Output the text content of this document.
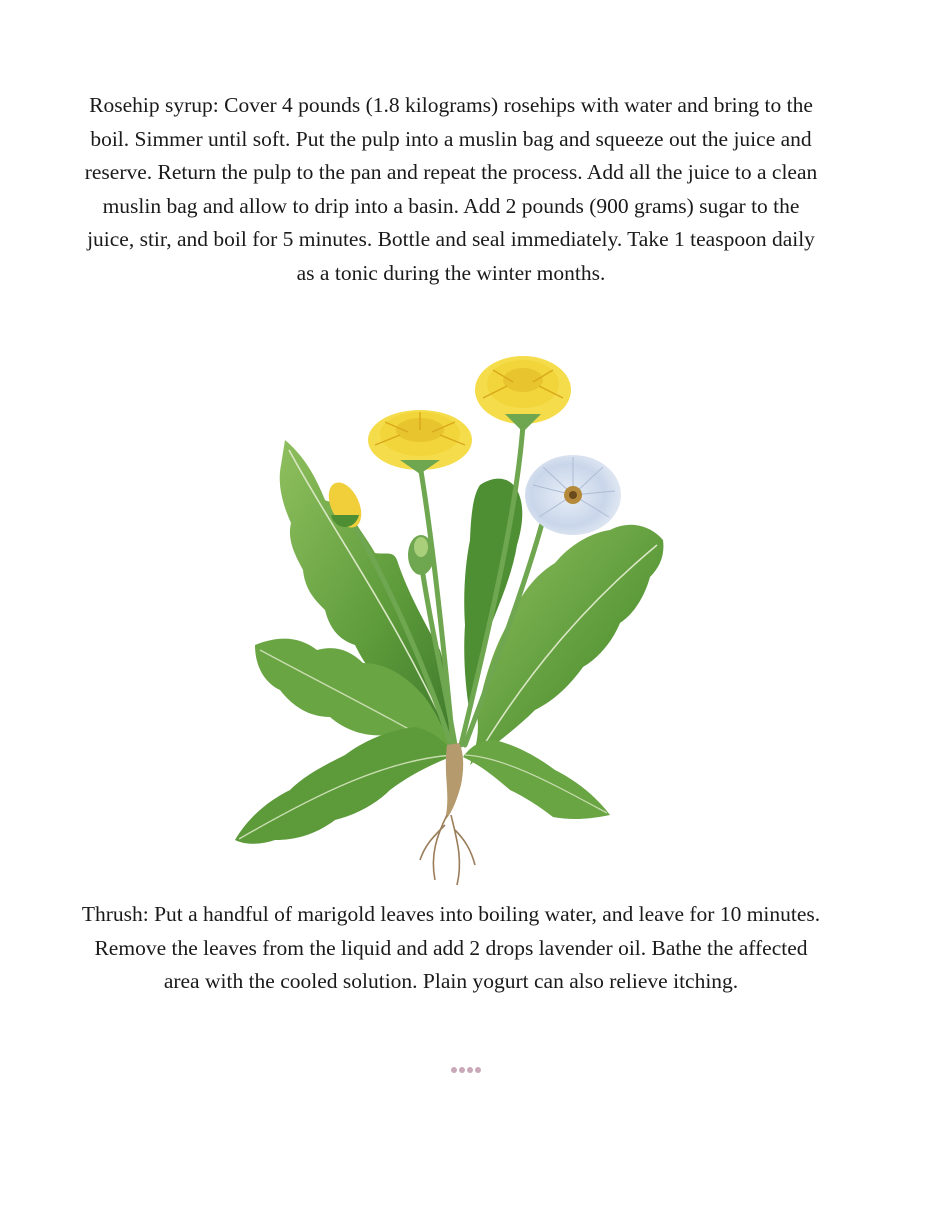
Rosehip syrup: Cover 4 pounds (1.8 kilograms) rosehips with water and bring to the boil. Simmer until soft. Put the pulp into a muslin bag and squeeze out the juice and reserve. Return the pulp to the pan and repeat the process. Add all the juice to a clean muslin bag and allow to drip into a basin. Add 2 pounds (900 grams) sugar to the juice, stir, and boil for 5 minutes. Bottle and seal immediately. Take 1 teaspoon daily as a tonic during the winter months.

Thrush: Put a handful of marigold leaves into boiling water, and leave for 10 minutes. Remove the leaves from the liquid and add 2 drops lavender oil. Bathe the affected area with the cooled solution. Plain yogurt can also relieve itching.
